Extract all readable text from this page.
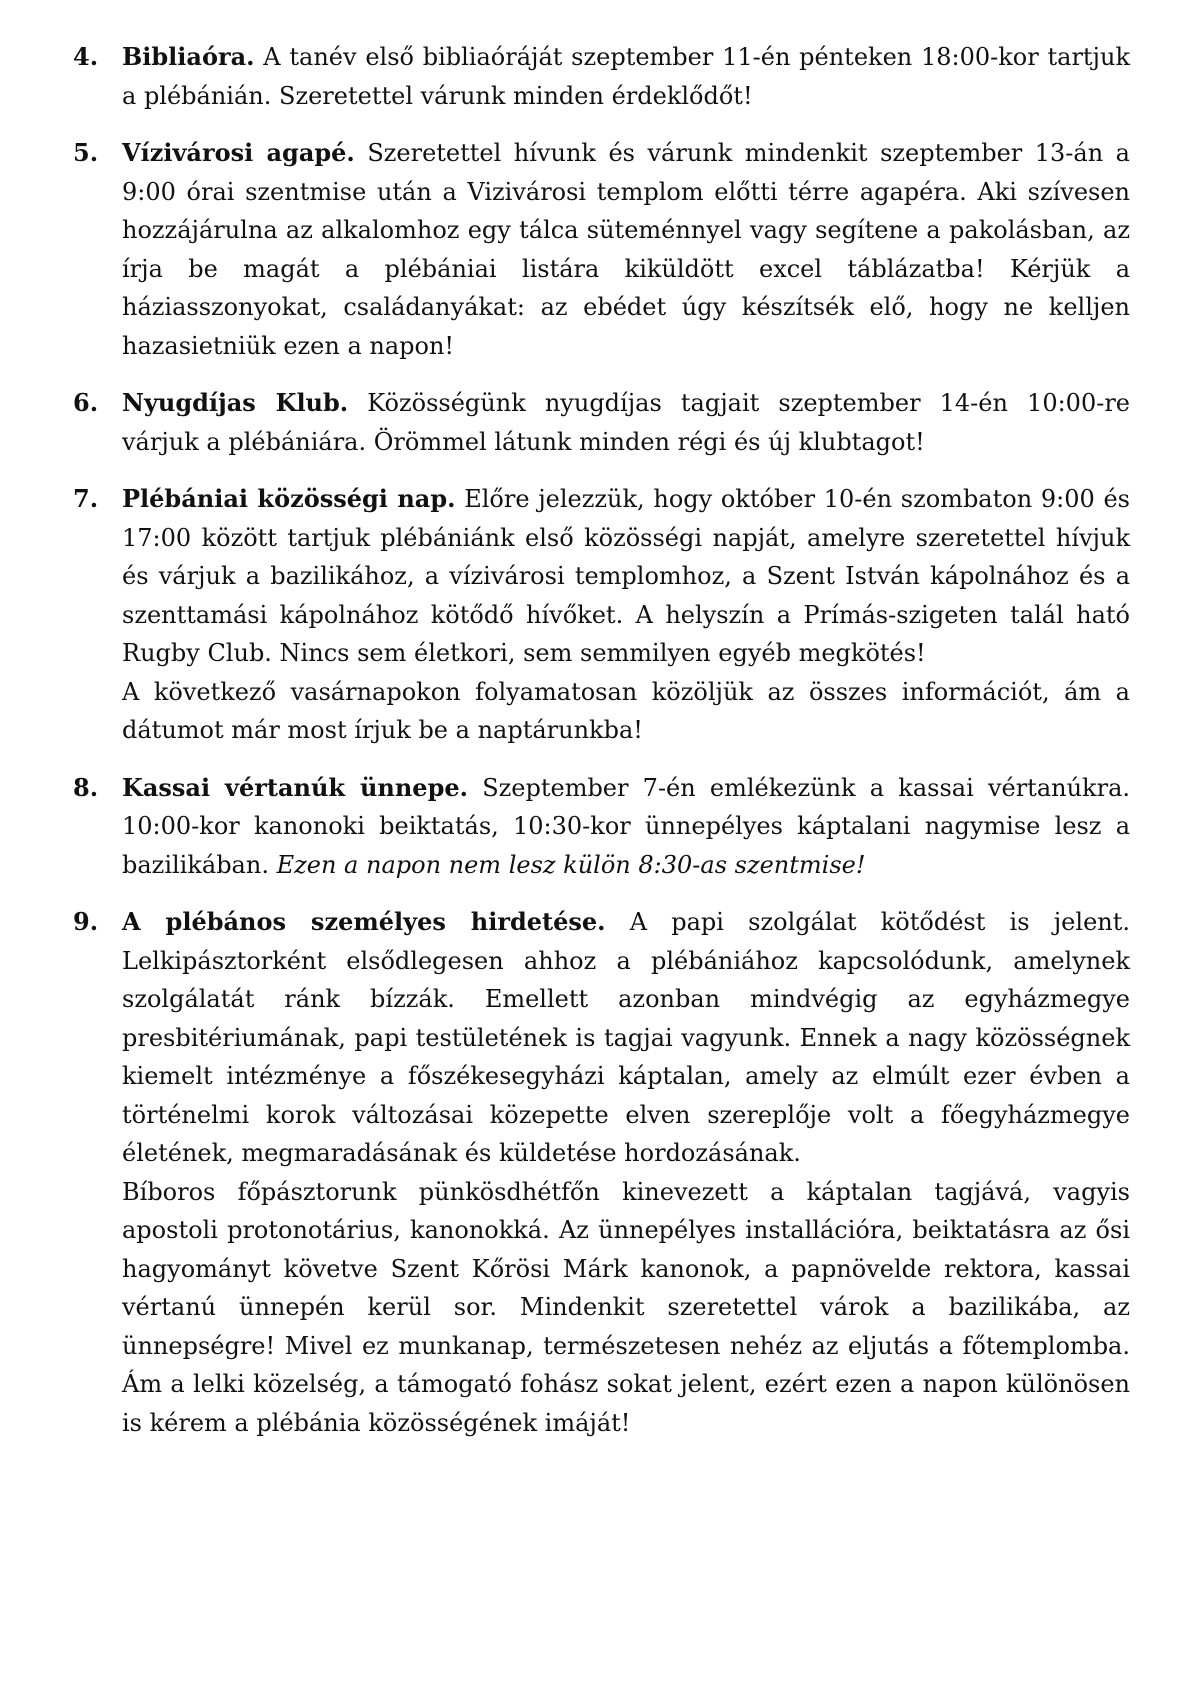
4. Bibliaóra. A tanév első bibliaóráját szeptember 11-én pénteken 18:00-kor tartjuk a plébánián. Szeretettel várunk minden érdeklődőt!

5. Vízivárosi agapé. Szeretettel hívunk és várunk mindenkit szeptember 13-án a 9:00 órai szentmise után a Vizivárosi templom előtti térre agapéra. Aki szívesen hozzájárulna az alkalomhoz egy tálca süteménnyel vagy segítene a pakolásban, az írja be magát a plébániai listára kiküldött excel táblázatba! Kérjük a háziasszonyokat, családanyákat: az ebédet úgy készítsék elő, hogy ne kelljen hazasietniük ezen a napon!

6. Nyugdíjas Klub. Közösségünk nyugdíjas tagjait szeptember 14-én 10:00-re várjuk a plébániára. Örömmel látunk minden régi és új klubtagot!

7. Plébániai közösségi nap. Előre jelezzük, hogy október 10-én szombaton 9:00 és 17:00 között tartjuk plébániánk első közösségi napját, amelyre szeretettel hívjuk és várjuk a bazilikához, a vízivárosi templomhoz, a Szent István kápolnához és a szenttamási kápolnához kötődő hívőket. A helyszín a Prímás-szigeten talál ható Rugby Club. Nincs sem életkori, sem semmilyen egyéb megkötés!

A következő vasárnapokon folyamatosan közöljük az összes információt, ám a dátumot már most írjuk be a naptárunkba!

8. Kassai vértanúk ünnepe. Szeptember 7-én emlékezünk a kassai vértanúkra. 10:00-kor kanonoki beiktatás, 10:30-kor ünnepélyes káptalani nagymise lesz a bazilikában. Ezen a napon nem lesz külön 8:30-as szentmise!

9. A plébános személyes hirdetése. A papi szolgálat kötődést is jelent. Lelkipásztorként elsődlegesen ahhoz a plébániához kapcsolódunk, amelynek szolgálatát ránk bízzák. Emellett azonban mindvégig az egyházmegye presbitériumának, papi testületének is tagjai vagyunk. Ennek a nagy közösségnek kiemelt intézménye a főszékesegyházi káptalan, amely az elmúlt ezer évben a történelmi korok változásai közepette elven szereplője volt a főegyházmegye életének, megmaradásának és küldetése hordozásának.

Bíboros főpásztorunk pünkösdhétfőn kinevezett a káptalan tagjává, vagyis apostoli protonotárius, kanonokká. Az ünnepélyes installációra, beiktatásra az ősi hagyományt követve Szent Kőrösi Márk kanonok, a papnövelde rektora, kassai vértanú ünnepén kerül sor. Mindenkit szeretettel várok a bazilikába, az ünnepségre! Mivel ez munkanap, természetesen nehéz az eljutás a főtemplomba. Ám a lelki közelség, a támogató fohász sokat jelent, ezért ezen a napon különösen is kérem a plébánia közösségének imáját!
